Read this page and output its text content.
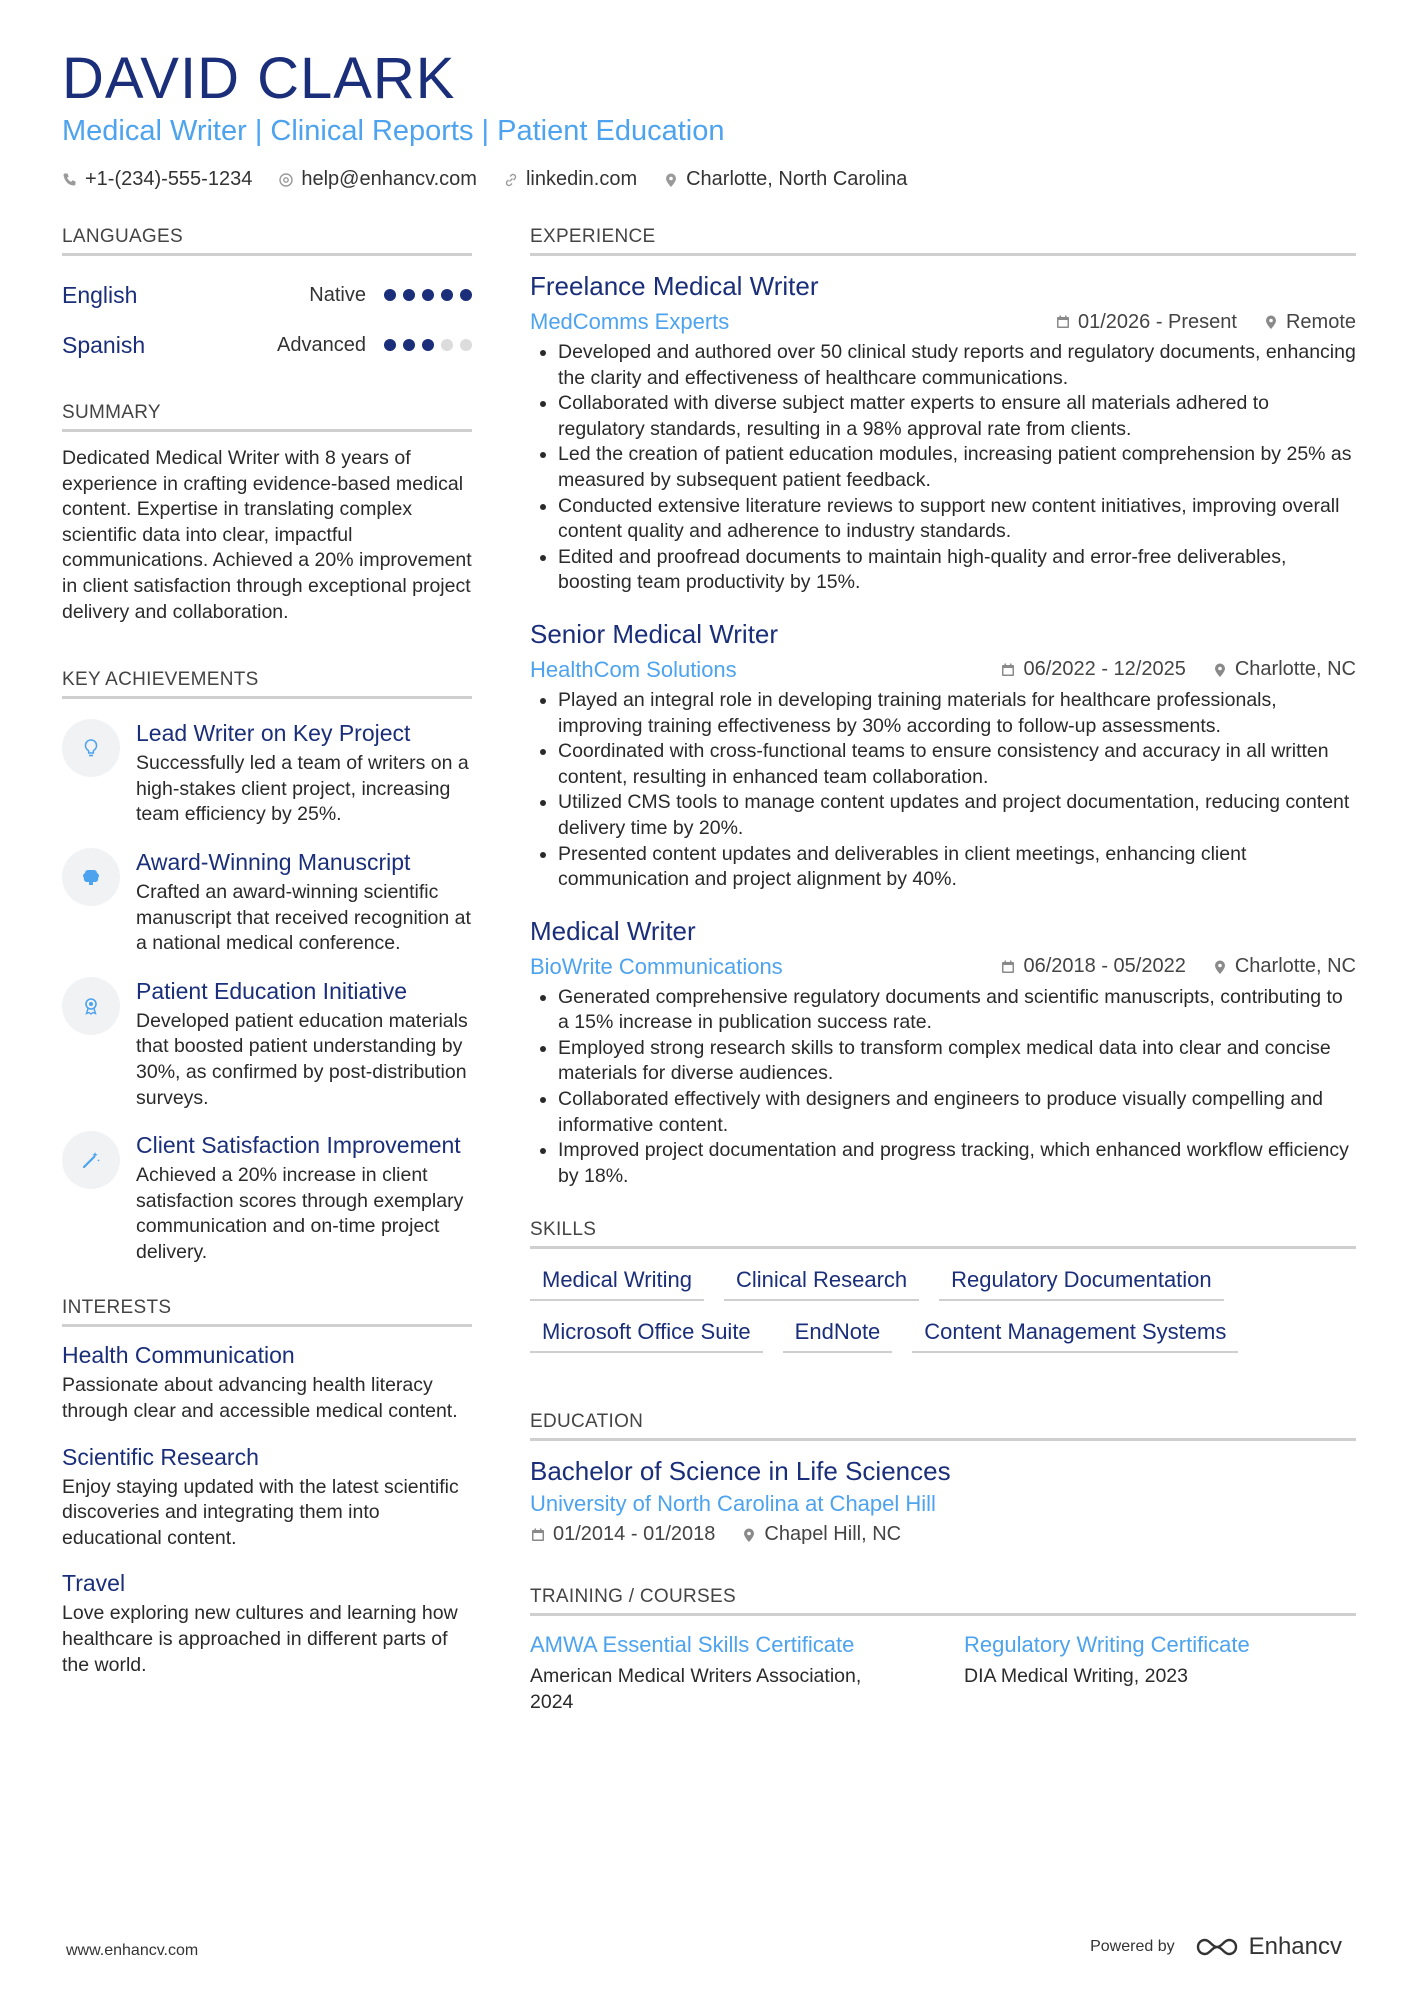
DAVID CLARK
Medical Writer | Clinical Reports | Patient Education
+1-(234)-555-1234 help@enhancv.com linkedin.com Charlotte, North Carolina
LANGUAGES
English	Native
Spanish	Advanced
SUMMARY
Dedicated Medical Writer with 8 years of experience in crafting evidence-based medical content. Expertise in translating complex scientific data into clear, impactful communications. Achieved a 20% improvement in client satisfaction through exceptional project delivery and collaboration.
KEY ACHIEVEMENTS
Lead Writer on Key Project
Successfully led a team of writers on a high-stakes client project, increasing team efficiency by 25%.
Award-Winning Manuscript
Crafted an award-winning scientific manuscript that received recognition at a national medical conference.
Patient Education Initiative
Developed patient education materials that boosted patient understanding by 30%, as confirmed by post-distribution surveys.
Client Satisfaction Improvement
Achieved a 20% increase in client satisfaction scores through exemplary communication and on-time project delivery.
INTERESTS
Health Communication
Passionate about advancing health literacy through clear and accessible medical content.
Scientific Research
Enjoy staying updated with the latest scientific discoveries and integrating them into educational content.
Travel
Love exploring new cultures and learning how healthcare is approached in different parts of the world.
EXPERIENCE
Freelance Medical Writer
MedComms Experts	01/2026 - Present Remote
• Developed and authored over 50 clinical study reports and regulatory documents, enhancing the clarity and effectiveness of healthcare communications.
• Collaborated with diverse subject matter experts to ensure all materials adhered to regulatory standards, resulting in a 98% approval rate from clients.
• Led the creation of patient education modules, increasing patient comprehension by 25% as measured by subsequent patient feedback.
• Conducted extensive literature reviews to support new content initiatives, improving overall content quality and adherence to industry standards.
• Edited and proofread documents to maintain high-quality and error-free deliverables, boosting team productivity by 15%.
Senior Medical Writer
HealthCom Solutions	06/2022 - 12/2025 Charlotte, NC
• Played an integral role in developing training materials for healthcare professionals, improving training effectiveness by 30% according to follow-up assessments.
• Coordinated with cross-functional teams to ensure consistency and accuracy in all written content, resulting in enhanced team collaboration.
• Utilized CMS tools to manage content updates and project documentation, reducing content delivery time by 20%.
• Presented content updates and deliverables in client meetings, enhancing client communication and project alignment by 40%.
Medical Writer
BioWrite Communications	06/2018 - 05/2022 Charlotte, NC
• Generated comprehensive regulatory documents and scientific manuscripts, contributing to a 15% increase in publication success rate.
• Employed strong research skills to transform complex medical data into clear and concise materials for diverse audiences.
• Collaborated effectively with designers and engineers to produce visually compelling and informative content.
• Improved project documentation and progress tracking, which enhanced workflow efficiency by 18%.
SKILLS
Medical Writing	Clinical Research	Regulatory Documentation
Microsoft Office Suite	EndNote	Content Management Systems
EDUCATION
Bachelor of Science in Life Sciences
University of North Carolina at Chapel Hill
01/2014 - 01/2018 Chapel Hill, NC
TRAINING / COURSES
AMWA Essential Skills Certificate
American Medical Writers Association, 2024
Regulatory Writing Certificate
DIA Medical Writing, 2023
www.enhancv.com	Powered by	Enhancv
